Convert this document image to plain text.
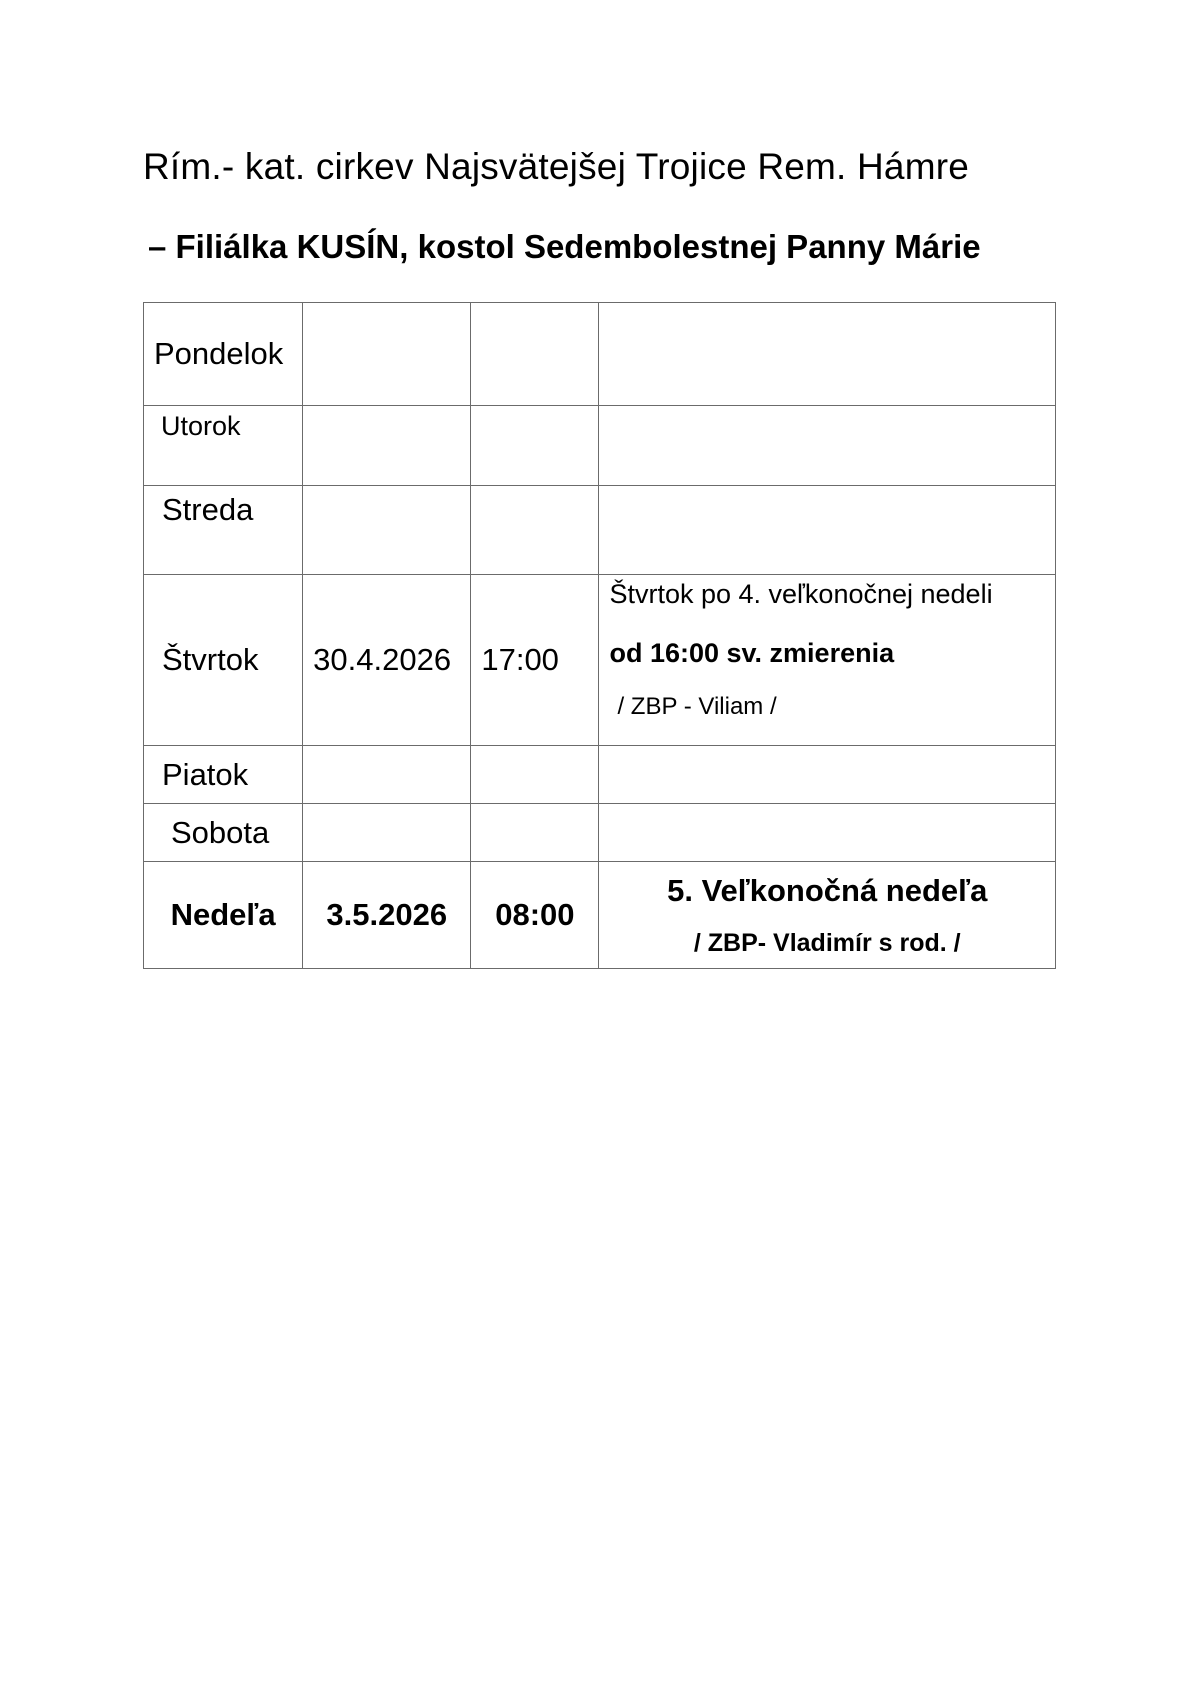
Rím.- kat. cirkev Najsvätejšej Trojice Rem. Hámre
– Filiálka KUSÍN, kostol Sedembolestnej Panny Márie
Pondelok			

Utorok			

Streda			

Štvrtok	30.4.2026	17:00	Štvrtok po 4. veľkonočnej nedeli
od 16:00 sv. zmierenia
/ ZBP - Viliam /

Piatok			
Sobota			
Nedeľa	3.5.2026	08:00	5. Veľkonočná nedeľa
/ ZBP- Vladimír s rod. /
